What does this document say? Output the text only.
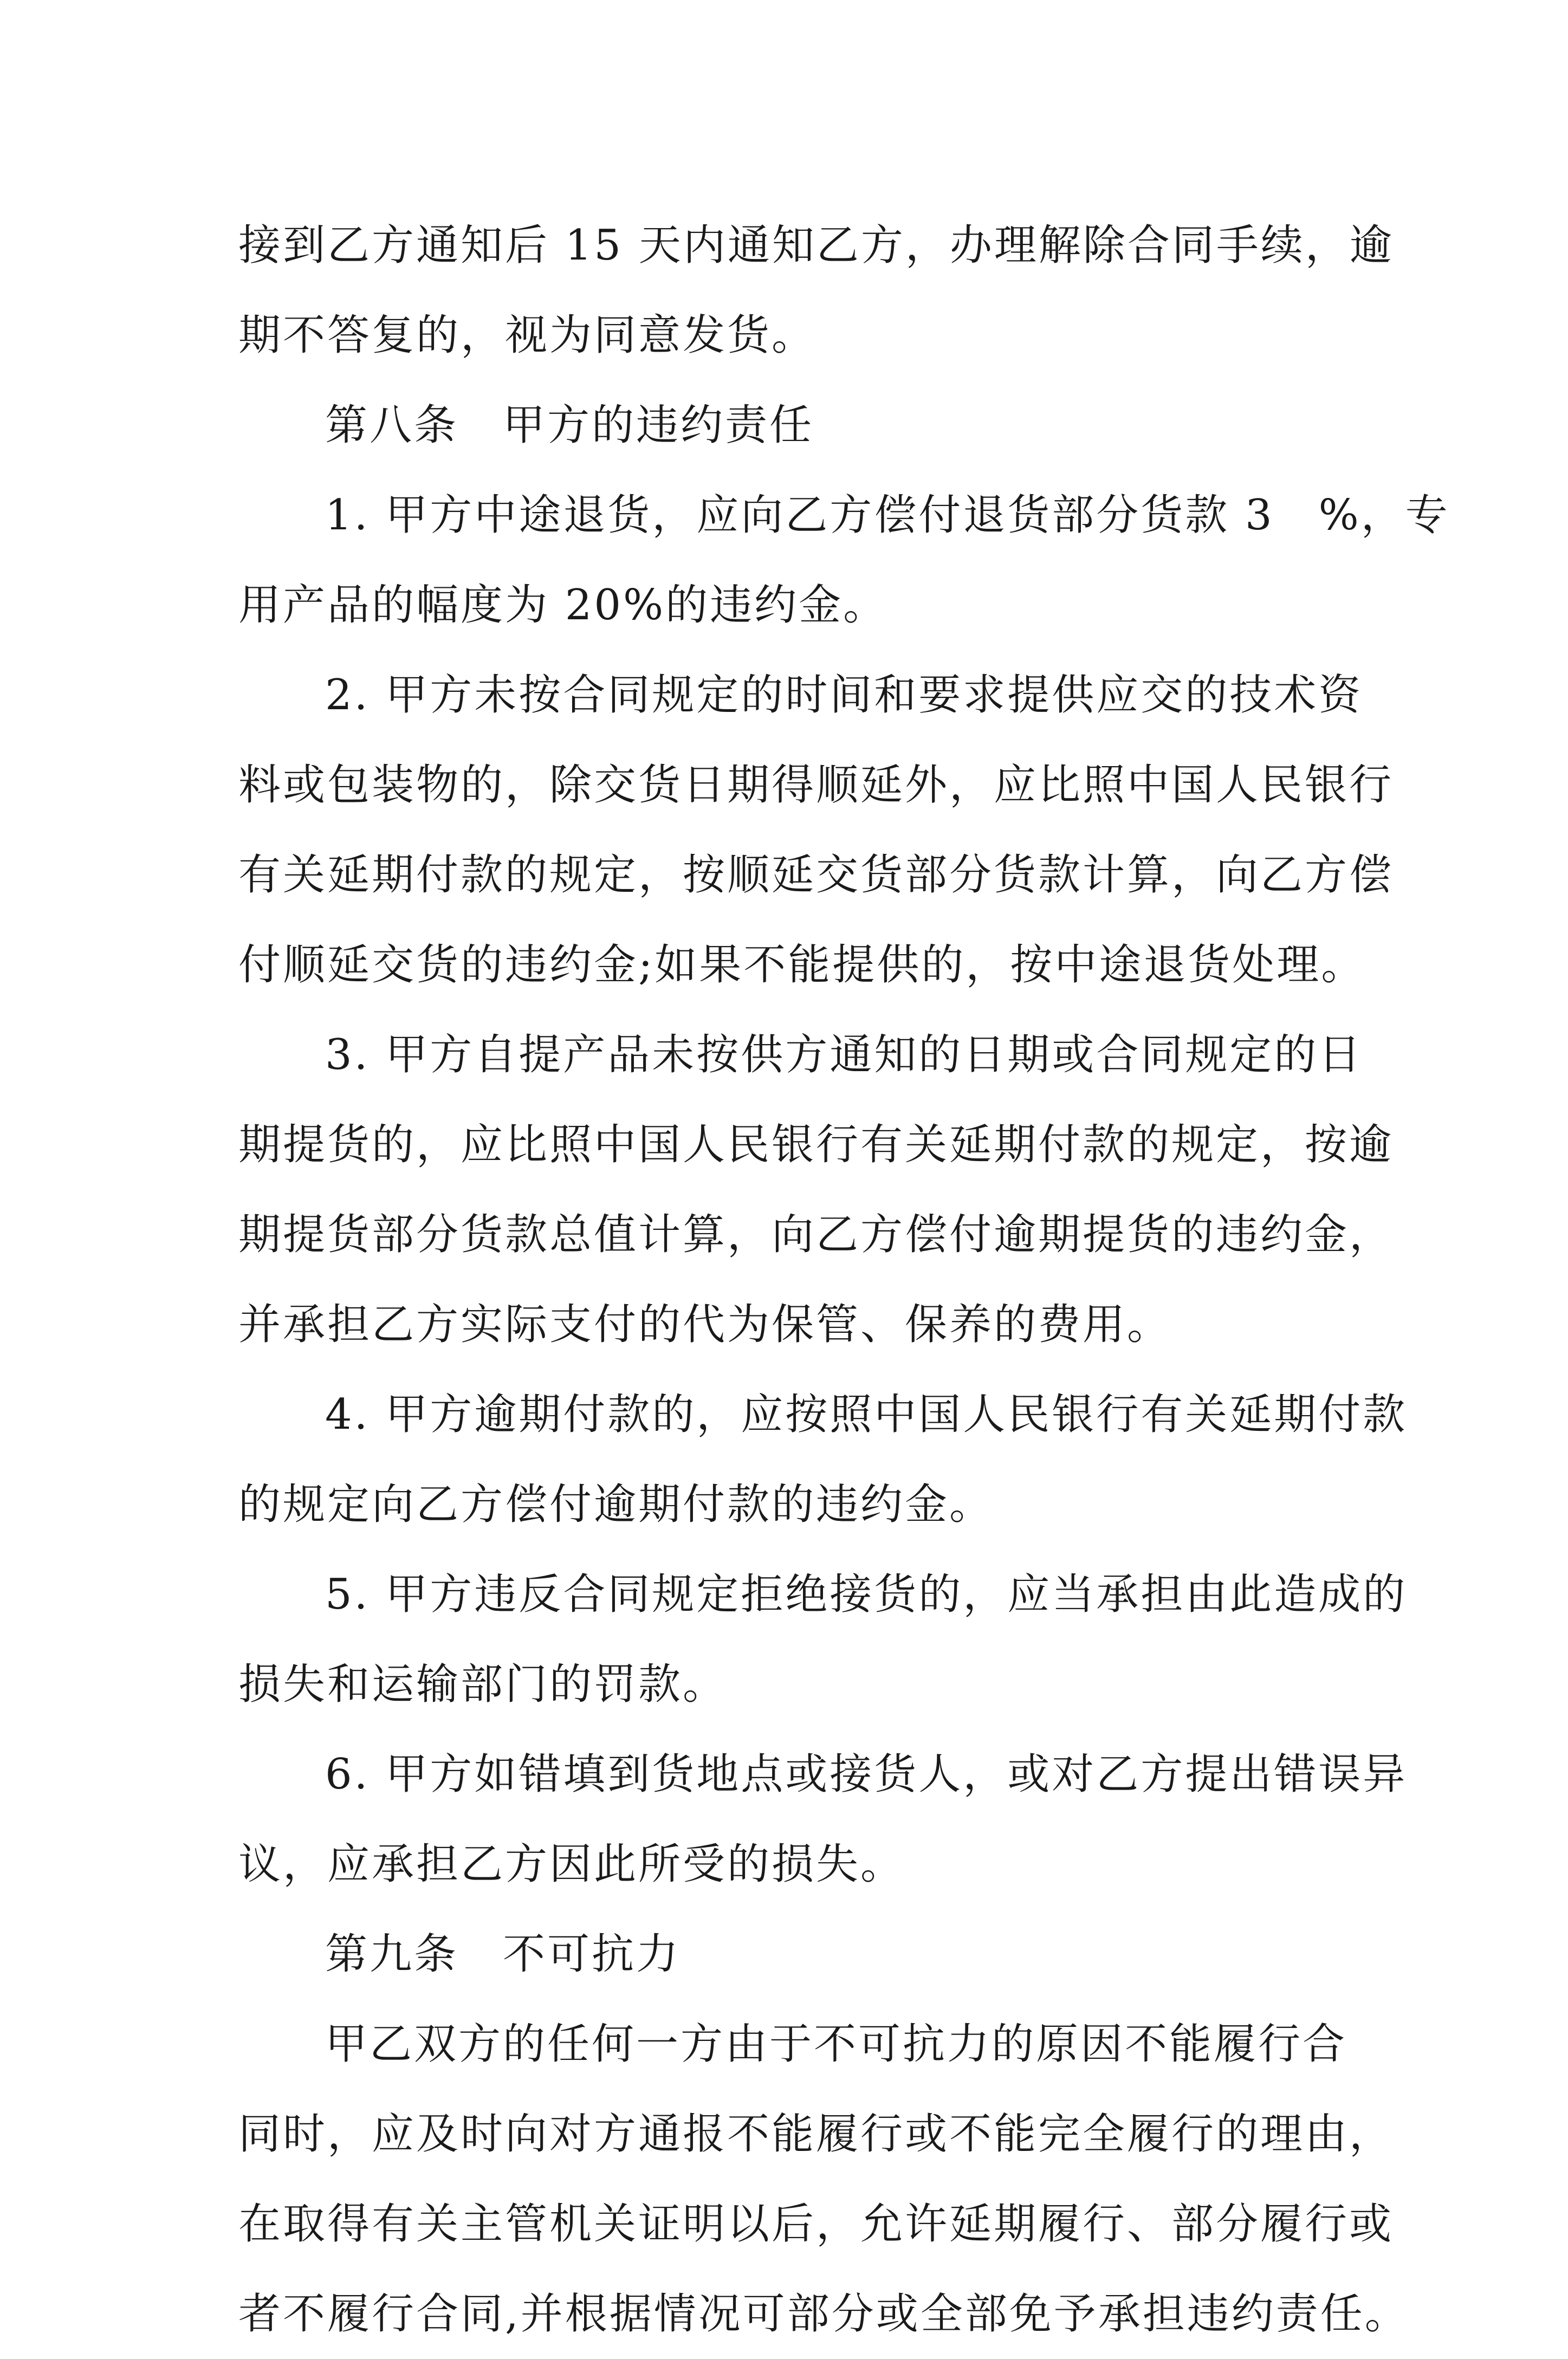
接到乙方通知后 15 天内通知乙方，办理解除合同手续，逾
期不答复的，视为同意发货。
第八条　甲方的违约责任
1. 甲方中途退货，应向乙方偿付退货部分货款 3　%，专
用产品的幅度为 20%的违约金。
2. 甲方未按合同规定的时间和要求提供应交的技术资
料或包装物的，除交货日期得顺延外，应比照中国人民银行
有关延期付款的规定，按顺延交货部分货款计算，向乙方偿
付顺延交货的违约金;如果不能提供的，按中途退货处理。
3. 甲方自提产品未按供方通知的日期或合同规定的日
期提货的，应比照中国人民银行有关延期付款的规定，按逾
期提货部分货款总值计算，向乙方偿付逾期提货的违约金，
并承担乙方实际支付的代为保管、保养的费用。
4. 甲方逾期付款的，应按照中国人民银行有关延期付款
的规定向乙方偿付逾期付款的违约金。
5. 甲方违反合同规定拒绝接货的，应当承担由此造成的
损失和运输部门的罚款。
6. 甲方如错填到货地点或接货人，或对乙方提出错误异
议，应承担乙方因此所受的损失。
第九条　不可抗力
甲乙双方的任何一方由于不可抗力的原因不能履行合
同时，应及时向对方通报不能履行或不能完全履行的理由，
在取得有关主管机关证明以后，允许延期履行、部分履行或
者不履行合同,并根据情况可部分或全部免予承担违约责任。
